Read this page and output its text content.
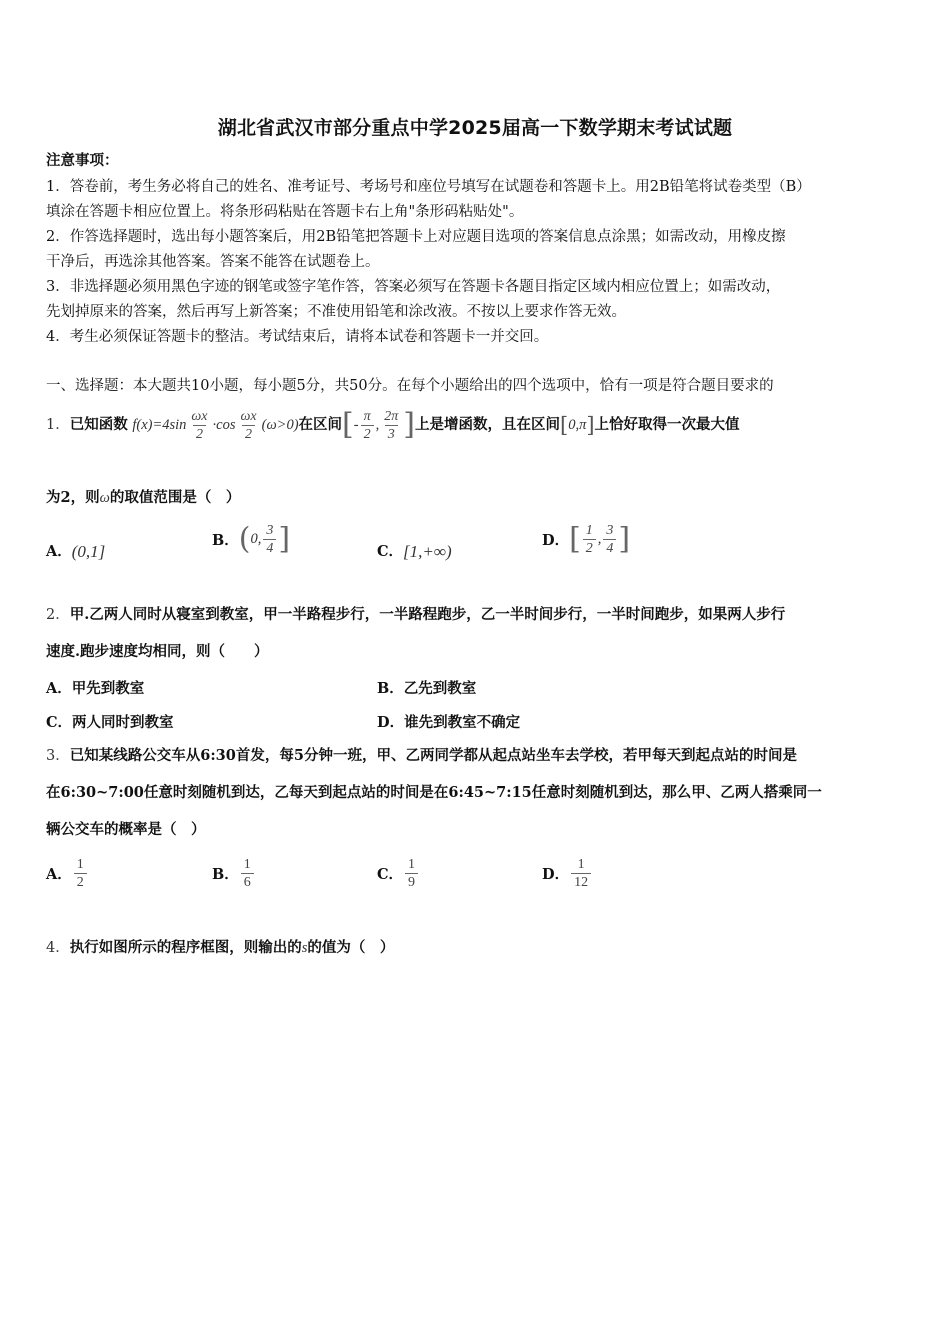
湖北省武汉市部分重点中学2025届高一下数学期末考试试题
注意事项：
1．答卷前，考生务必将自己的姓名、准考证号、考场号和座位号填写在试题卷和答题卡上。用2B铅笔将试卷类型（B）
填涂在答题卡相应位置上。将条形码粘贴在答题卡右上角"条形码粘贴处"。
2．作答选择题时，选出每小题答案后，用2B铅笔把答题卡上对应题目选项的答案信息点涂黑；如需改动，用橡皮擦
干净后，再选涂其他答案。答案不能答在试题卷上。
3．非选择题必须用黑色字迹的钢笔或签字笔作答，答案必须写在答题卡各题目指定区域内相应位置上；如需改动，
先划掉原来的答案，然后再写上新答案；不准使用铅笔和涂改液。不按以上要求作答无效。
4．考生必须保证答题卡的整洁。考试结束后，请将本试卷和答题卡一并交回。
一、选择题：本大题共10小题，每小题5分，共50分。在每个小题给出的四个选项中，恰有一项是符合题目要求的
1．已知函数 $f(x)=4\sin \frac{\omega x}{2} \cdot\cos \frac{\omega x}{2} (\omega>0)$在区间[- $\frac{\pi}{2}$ , $\frac{2\pi}{3}$ ]上是增函数，且在区间[0,π]上恰好取得一次最大值
为2，则ω的取值范围是（　）
A．(0,1]
B．(0, $\frac{3}{4}$ ]	C．[1,+∞)
D．[ $\frac{1}{2}$ , $\frac{3}{4}$ ]
2．甲.乙两人同时从寝室到教室，甲一半路程步行，一半路程跑步，乙一半时间步行，一半时间跑步，如果两人步行
速度.跑步速度均相同，则（　　）
A．甲先到教室	B．乙先到教室
C．两人同时到教室	D．谁先到教室不确定
3．已知某线路公交车从6:30首发，每5分钟一班，甲、乙两同学都从起点站坐车去学校，若甲每天到起点站的时间是
在6:30~7:00任意时刻随机到达，乙每天到起点站的时间是在6:45~7:15任意时刻随机到达，那么甲、乙两人搭乘同一
辆公交车的概率是（　）
A． $\frac{1}{2}$	B． $\frac{1}{6}$	C． $\frac{1}{9}$	D． $\frac{1}{12}$
4．执行如图所示的程序框图，则输出的s的值为（　）
